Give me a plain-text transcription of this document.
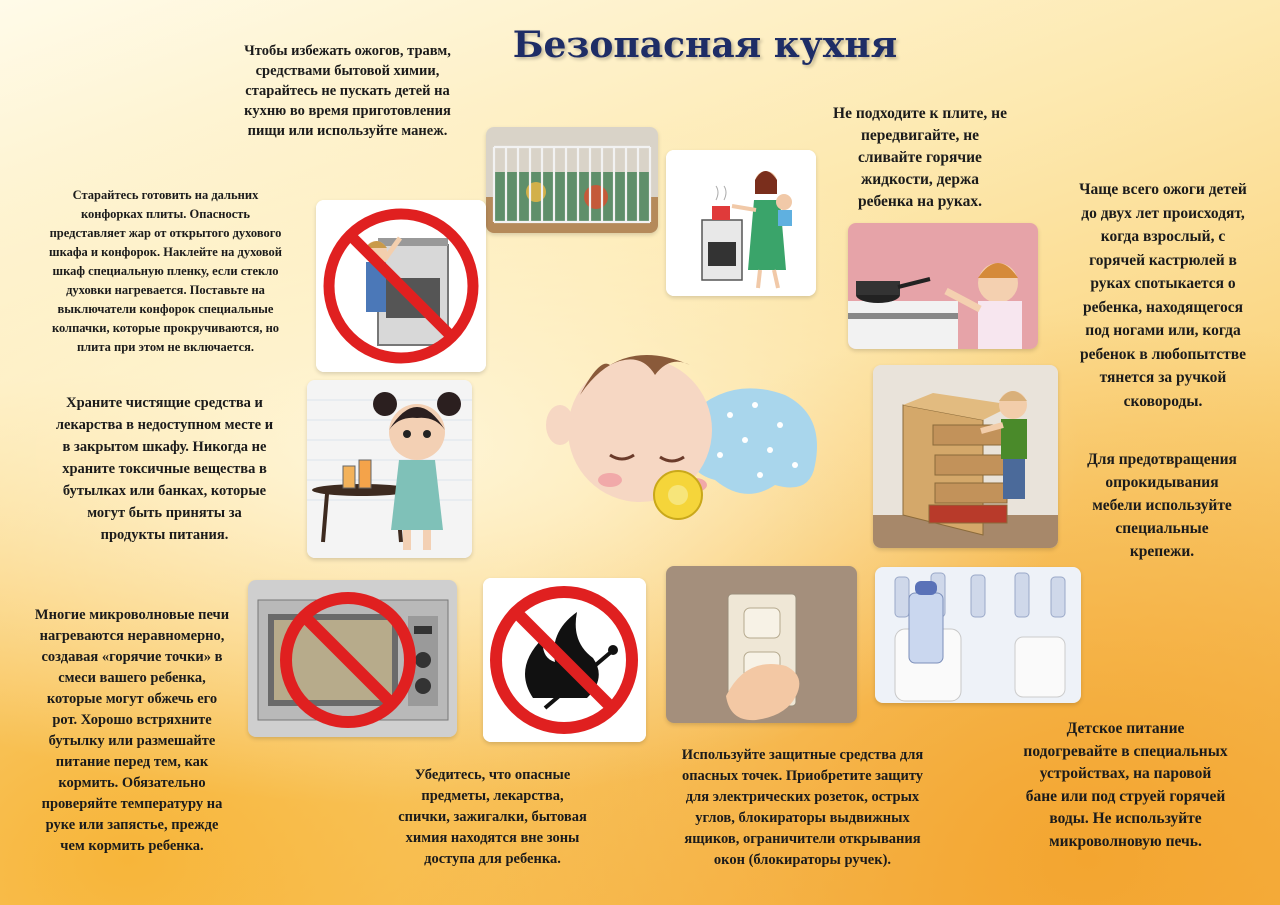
Безопасная кухня
Чтобы избежать ожогов, травм,
средствами бытовой химии,
старайтесь не пускать детей на
кухню во время приготовления
пищи или используйте манеж.
Старайтесь готовить на дальних
конфорках плиты. Опасность
представляет жар от открытого духового
шкафа и конфорок. Наклейте на духовой
шкаф специальную пленку, если стекло
духовки нагревается. Поставьте на
выключатели конфорок специальные
колпачки, которые прокручиваются, но
плита при этом не включается.
Не подходите к плите, не
передвигайте, не
сливайте горячие
жидкости, держа
ребенка на руках.
Чаще всего ожоги детей
до двух лет происходят,
когда взрослый, с
горячей кастрюлей в
руках спотыкается о
ребенка, находящегося
под ногами или, когда
ребенок в любопытстве
тянется за ручкой
сковороды.
Храните чистящие средства и
лекарства в недоступном месте и
в закрытом шкафу. Никогда не
храните токсичные вещества в
бутылках или банках, которые
могут быть приняты за
продукты питания.
Для предотвращения
опрокидывания
мебели используйте
специальные
крепежи.
Многие микроволновые печи
нагреваются неравномерно,
создавая «горячие точки» в
смеси вашего ребенка,
которые могут обжечь его
рот. Хорошо встряхните
бутылку или размешайте
питание перед тем, как
кормить. Обязательно
проверяйте температуру на
руке или запястье, прежде
чем кормить ребенка.
Убедитесь, что опасные
предметы, лекарства,
спички, зажигалки, бытовая
химия находятся вне зоны
доступа для ребенка.
Используйте защитные средства для
опасных точек. Приобретите защиту
для электрических розеток, острых
углов, блокираторы выдвижных
ящиков, ограничители открывания
окон (блокираторы ручек).
Детское питание
подогревайте в специальных
устройствах, на паровой
бане или под струей горячей
воды. Не используйте
микроволновую печь.
